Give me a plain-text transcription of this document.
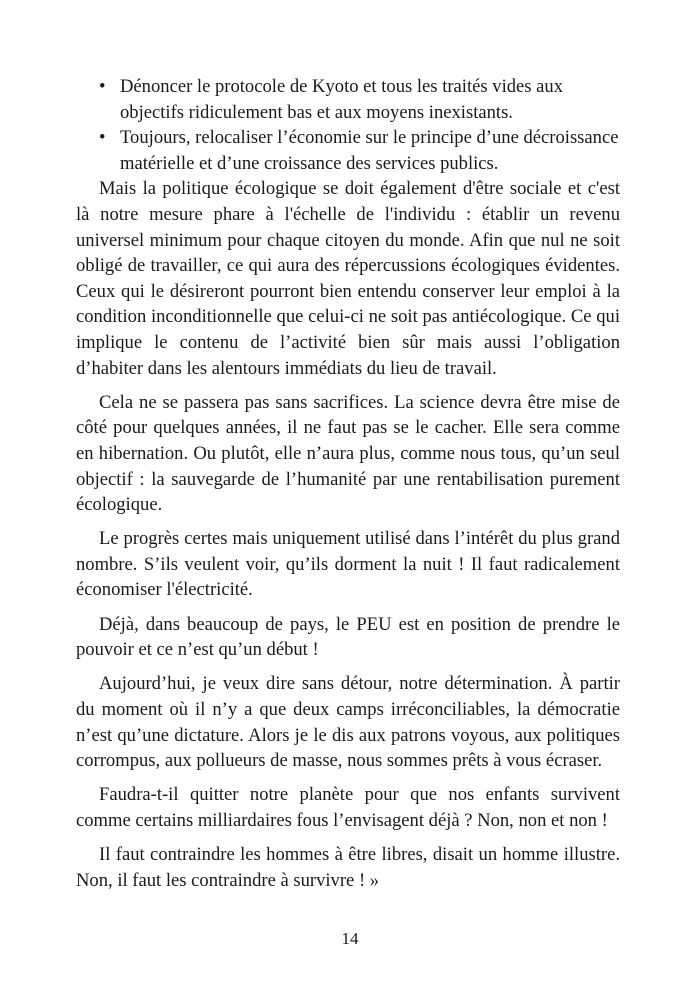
• Dénoncer le protocole de Kyoto et tous les traités vides aux objectifs ridiculement bas et aux moyens inexistants.
• Toujours, relocaliser l’économie sur le principe d’une décroissance matérielle et d’une croissance des services publics.

Mais la politique écologique se doit également d'être sociale et c'est là notre mesure phare à l'échelle de l'individu : établir un revenu universel minimum pour chaque citoyen du monde. Afin que nul ne soit obligé de travailler, ce qui aura des répercussions écologiques évidentes. Ceux qui le désireront pourront bien entendu conserver leur emploi à la condition inconditionnelle que celui-ci ne soit pas antiécologique. Ce qui implique le contenu de l’activité bien sûr mais aussi l’obligation d’habiter dans les alentours immédiats du lieu de travail.

Cela ne se passera pas sans sacrifices. La science devra être mise de côté pour quelques années, il ne faut pas se le cacher. Elle sera comme en hibernation. Ou plutôt, elle n’aura plus, comme nous tous, qu’un seul objectif : la sauvegarde de l’humanité par une rentabilisation purement écologique.

Le progrès certes mais uniquement utilisé dans l’intérêt du plus grand nombre. S’ils veulent voir, qu’ils dorment la nuit ! Il faut radicalement économiser l'électricité.

Déjà, dans beaucoup de pays, le PEU est en position de prendre le pouvoir et ce n’est qu’un début !

Aujourd’hui, je veux dire sans détour, notre détermination. À partir du moment où il n’y a que deux camps irréconciliables, la démocratie n’est qu’une dictature. Alors je le dis aux patrons voyous, aux politiques corrompus, aux pollueurs de masse, nous sommes prêts à vous écraser.

Faudra-t-il quitter notre planète pour que nos enfants survivent comme certains milliardaires fous l’envisagent déjà ? Non, non et non !

Il faut contraindre les hommes à être libres, disait un homme illustre. Non, il faut les contraindre à survivre ! »

14
